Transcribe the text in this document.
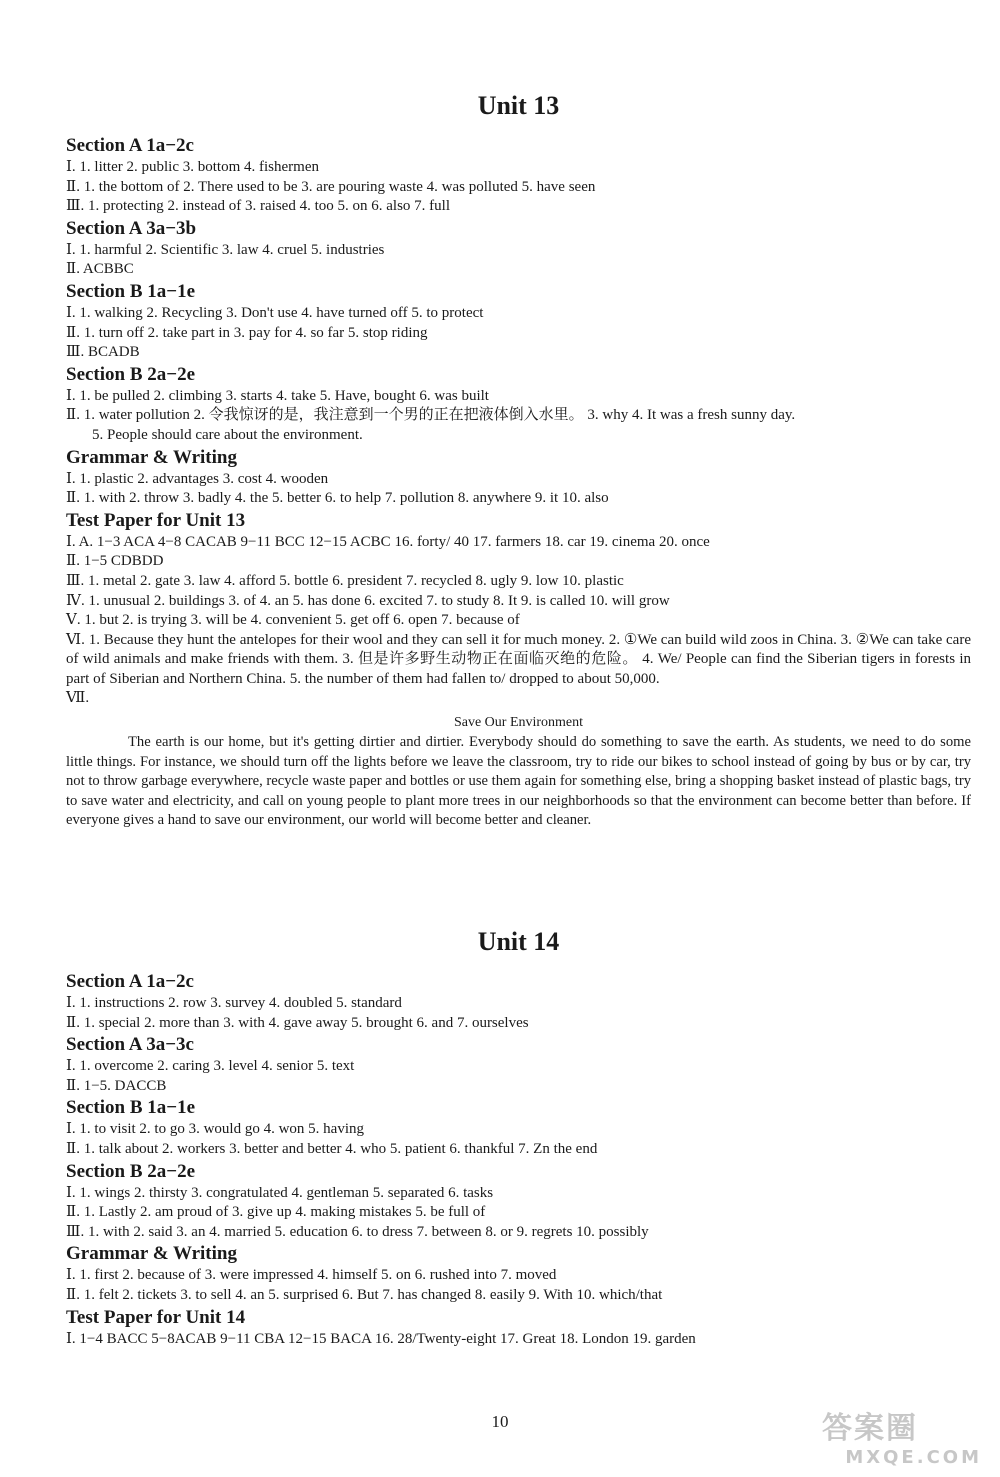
Unit 13

Section A 1a−2c

Ⅰ. 1. litter 2. public 3. bottom 4. fishermen

Ⅱ. 1. the bottom of 2. There used to be 3. are pouring waste 4. was polluted 5. have seen

Ⅲ. 1. protecting 2. instead of 3. raised 4. too 5. on 6. also 7. full

Section A 3a−3b

Ⅰ. 1. harmful 2. Scientific 3. law 4. cruel 5. industries

Ⅱ. ACBBC

Section B 1a−1e

Ⅰ. 1. walking 2. Recycling 3. Don't use 4. have turned off 5. to protect

Ⅱ. 1. turn off 2. take part in 3. pay for 4. so far 5. stop riding

Ⅲ. BCADB

Section B 2a−2e

Ⅰ. 1. be pulled 2. climbing 3. starts 4. take 5. Have, bought 6. was built

Ⅱ. 1. water pollution 2. 令我惊讶的是，我注意到一个男的正在把液体倒入水里。 3. why 4. It was a fresh sunny day.

5. People should care about the environment.

Grammar & Writing

Ⅰ. 1. plastic 2. advantages 3. cost 4. wooden

Ⅱ. 1. with 2. throw 3. badly 4. the 5. better 6. to help 7. pollution 8. anywhere 9. it 10. also

Test Paper for Unit 13

Ⅰ. A. 1−3 ACA 4−8 CACAB 9−11 BCC 12−15 ACBC 16. forty/ 40 17. farmers 18. car 19. cinema 20. once

Ⅱ. 1−5 CDBDD

Ⅲ. 1. metal 2. gate 3. law 4. afford 5. bottle 6. president 7. recycled 8. ugly 9. low 10. plastic

Ⅳ. 1. unusual 2. buildings 3. of 4. an 5. has done 6. excited 7. to study 8. It 9. is called 10. will grow

Ⅴ. 1. but 2. is trying 3. will be 4. convenient 5. get off 6. open 7. because of

Ⅵ. 1. Because they hunt the antelopes for their wool and they can sell it for much money. 2. ①We can build wild zoos in China. 3. ②We can take care of wild animals and make friends with them. 3. 但是许多野生动物正在面临灭绝的危险。 4. We/ People can find the Siberian tigers in forests in part of Siberian and Northern China. 5. the number of them had fallen to/ dropped to about 50,000.

Ⅶ.

Save Our Environment

The earth is our home, but it's getting dirtier and dirtier. Everybody should do something to save the earth. As students, we need to do some little things. For instance, we should turn off the lights before we leave the classroom, try to ride our bikes to school instead of going by bus or by car, try not to throw garbage everywhere, recycle waste paper and bottles or use them again for something else, bring a shopping basket instead of plastic bags, try to save water and electricity, and call on young people to plant more trees in our neighborhoods so that the environment can become better than before. If everyone gives a hand to save our environment, our world will become better and cleaner.

Unit 14

Section A 1a−2c

Ⅰ. 1. instructions 2. row 3. survey 4. doubled 5. standard

Ⅱ. 1. special 2. more than 3. with 4. gave away 5. brought 6. and 7. ourselves

Section A 3a−3c

Ⅰ. 1. overcome 2. caring 3. level 4. senior 5. text

Ⅱ. 1−5. DACCB

Section B 1a−1e

Ⅰ. 1. to visit 2. to go 3. would go 4. won 5. having

Ⅱ. 1. talk about 2. workers 3. better and better 4. who 5. patient 6. thankful 7. Zn the end

Section B 2a−2e

Ⅰ. 1. wings 2. thirsty 3. congratulated 4. gentleman 5. separated 6. tasks

Ⅱ. 1. Lastly 2. am proud of 3. give up 4. making mistakes 5. be full of

Ⅲ. 1. with 2. said 3. an 4. married 5. education 6. to dress 7. between 8. or 9. regrets 10. possibly

Grammar & Writing

Ⅰ. 1. first 2. because of 3. were impressed 4. himself 5. on 6. rushed into 7. moved

Ⅱ. 1. felt 2. tickets 3. to sell 4. an 5. surprised 6. But 7. has changed 8. easily 9. With 10. which/that

Test Paper for Unit 14

Ⅰ. 1−4 BACC 5−8ACAB 9−11 CBA 12−15 BACA 16. 28/Twenty-eight 17. Great 18. London 19. garden

10	答案圈
MXQE.COM
